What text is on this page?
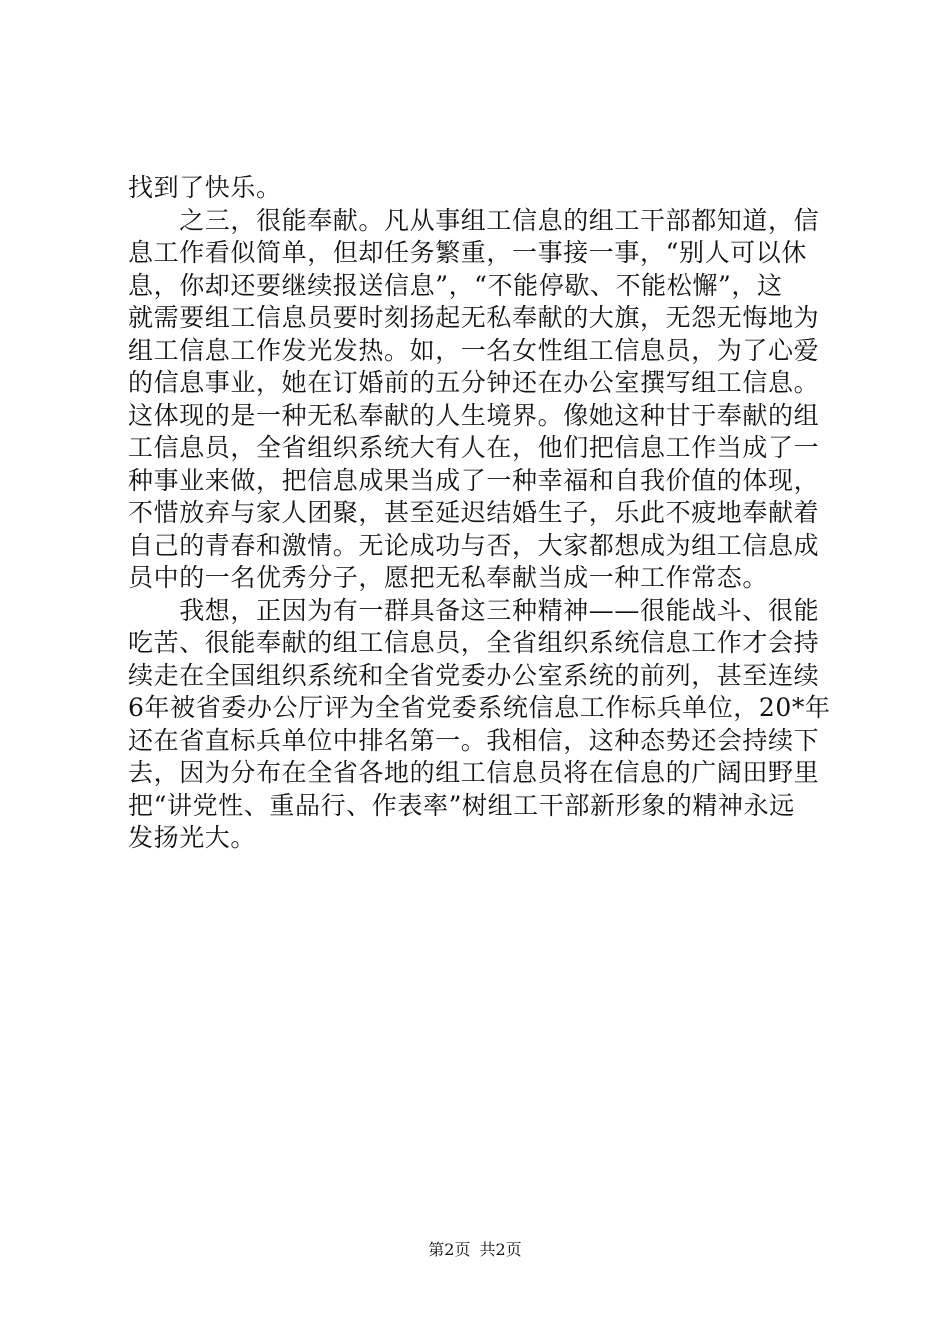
找到了快乐。
　　之三，很能奉献。凡从事组工信息的组工干部都知道，信
息工作看似简单，但却任务繁重，一事接一事，“别人可以休
息，你却还要继续报送信息”，“不能停歇、不能松懈”，这
就需要组工信息员要时刻扬起无私奉献的大旗，无怨无悔地为
组工信息工作发光发热。如，一名女性组工信息员，为了心爱
的信息事业，她在订婚前的五分钟还在办公室撰写组工信息。
这体现的是一种无私奉献的人生境界。像她这种甘于奉献的组
工信息员，全省组织系统大有人在，他们把信息工作当成了一
种事业来做，把信息成果当成了一种幸福和自我价值的体现，
不惜放弃与家人团聚，甚至延迟结婚生子，乐此不疲地奉献着
自己的青春和激情。无论成功与否，大家都想成为组工信息成
员中的一名优秀分子，愿把无私奉献当成一种工作常态。
　　我想，正因为有一群具备这三种精神——很能战斗、很能
吃苦、很能奉献的组工信息员，全省组织系统信息工作才会持
续走在全国组织系统和全省党委办公室系统的前列，甚至连续
6年被省委办公厅评为全省党委系统信息工作标兵单位，20*年
还在省直标兵单位中排名第一。我相信，这种态势还会持续下
去，因为分布在全省各地的组工信息员将在信息的广阔田野里
把“讲党性、重品行、作表率”树组工干部新形象的精神永远
发扬光大。
第2页 共2页
